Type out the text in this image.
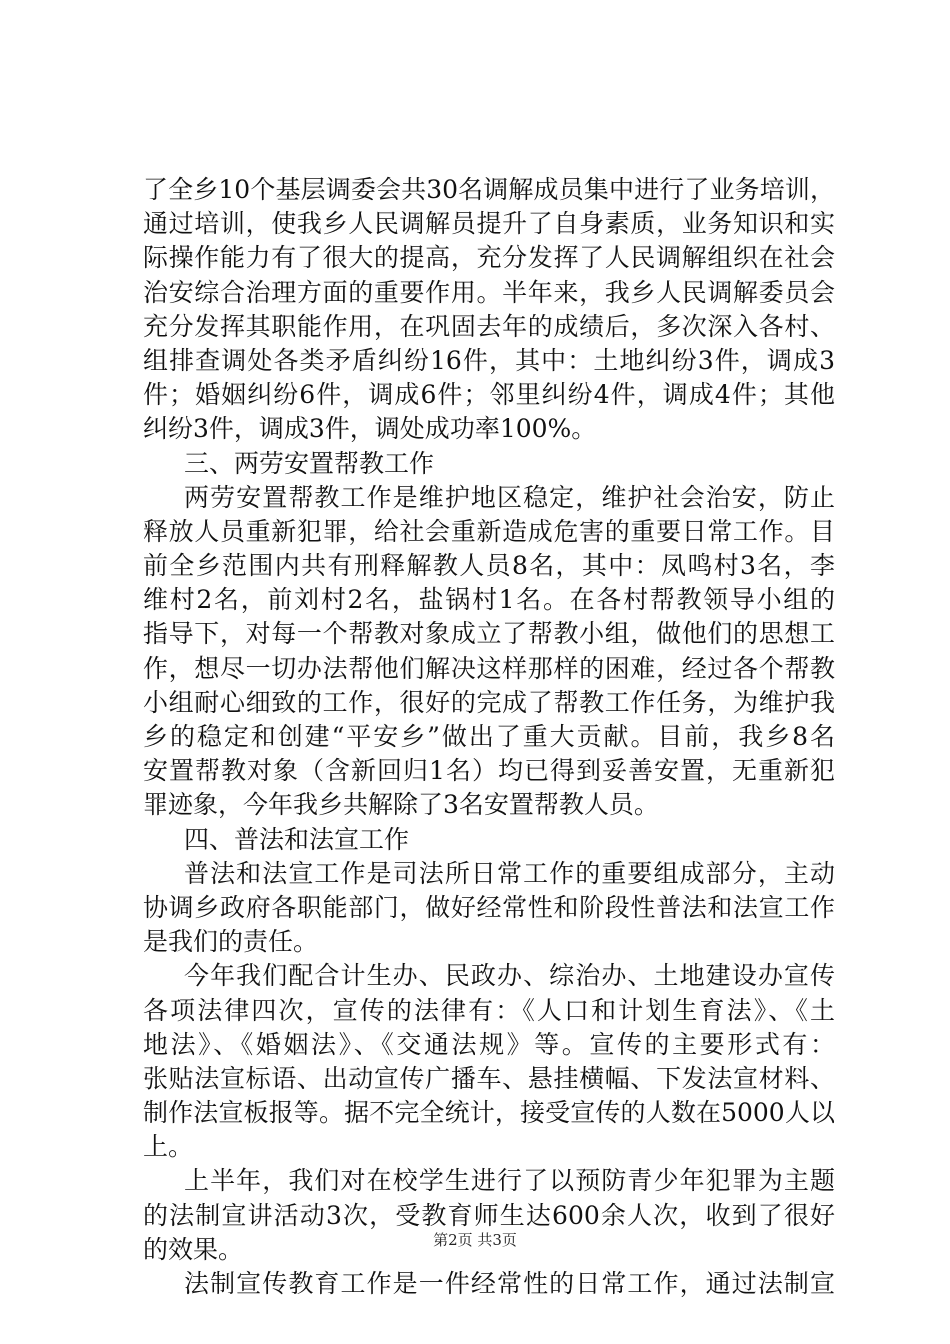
了全乡10个基层调委会共30名调解成员集中进行了业务培训，
通过培训，使我乡人民调解员提升了自身素质，业务知识和实
际操作能力有了很大的提高，充分发挥了人民调解组织在社会
治安综合治理方面的重要作用。半年来，我乡人民调解委员会
充分发挥其职能作用，在巩固去年的成绩后，多次深入各村、
组排查调处各类矛盾纠纷16件，其中：土地纠纷3件，调成3
件；婚姻纠纷6件，调成6件；邻里纠纷4件，调成4件；其他
纠纷3件，调成3件，调处成功率100%。
三、两劳安置帮教工作
两劳安置帮教工作是维护地区稳定，维护社会治安，防止
释放人员重新犯罪，给社会重新造成危害的重要日常工作。目
前全乡范围内共有刑释解教人员8名，其中：凤鸣村3名，李
维村2名，前刘村2名，盐锅村1名。在各村帮教领导小组的
指导下，对每一个帮教对象成立了帮教小组，做他们的思想工
作，想尽一切办法帮他们解决这样那样的困难，经过各个帮教
小组耐心细致的工作，很好的完成了帮教工作任务，为维护我
乡的稳定和创建“平安乡”做出了重大贡献。目前，我乡8名
安置帮教对象（含新回归1名）均已得到妥善安置，无重新犯
罪迹象，今年我乡共解除了3名安置帮教人员。
四、普法和法宣工作
普法和法宣工作是司法所日常工作的重要组成部分，主动
协调乡政府各职能部门，做好经常性和阶段性普法和法宣工作
是我们的责任。
今年我们配合计生办、民政办、综治办、土地建设办宣传
各项法律四次，宣传的法律有：《人口和计划生育法》、《土
地法》、《婚姻法》、《交通法规》等。宣传的主要形式有：
张贴法宣标语、出动宣传广播车、悬挂横幅、下发法宣材料、
制作法宣板报等。据不完全统计，接受宣传的人数在5000人以
上。
上半年，我们对在校学生进行了以预防青少年犯罪为主题
的法制宣讲活动3次，受教育师生达600余人次，收到了很好
的效果。
法制宣传教育工作是一件经常性的日常工作，通过法制宣
第2页 共3页
